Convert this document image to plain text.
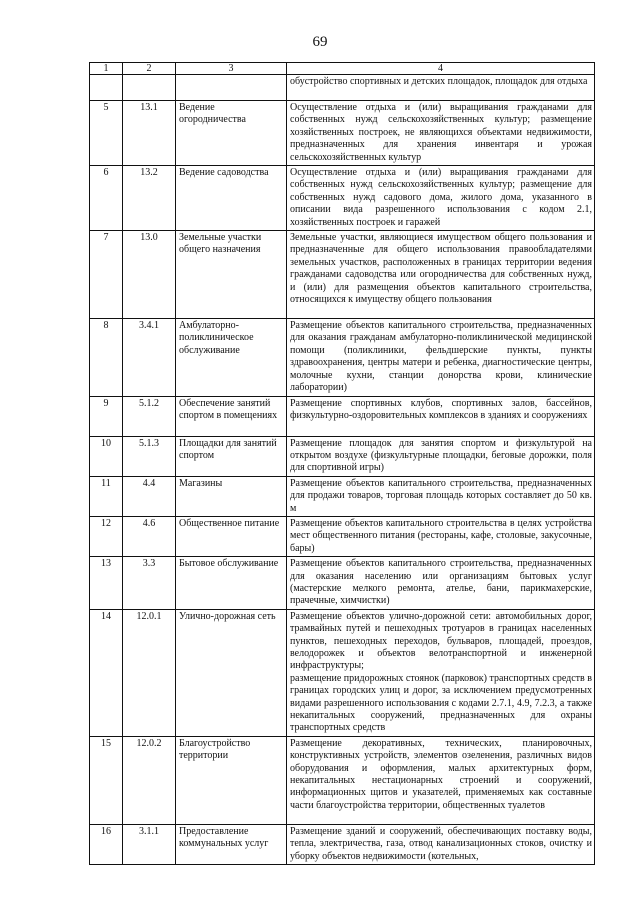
69
1	2	3	4
			обустройство спортивных и детских площадок, площадок для отдыха
5	13.1	Ведение огородничества	Осуществление отдыха и (или) выращивания гражданами для собственных нужд сельскохозяйственных культур; размещение хозяйственных построек, не являющихся объектами недвижимости, предназначенных для хранения инвентаря и урожая сельскохозяйственных культур
6	13.2	Ведение садоводства	Осуществление отдыха и (или) выращивания гражданами для собственных нужд сельскохозяйственных культур; размещение для собственных нужд садового дома, жилого дома, указанного в описании вида разрешенного использования с кодом 2.1, хозяйственных построек и гаражей
7	13.0	Земельные участки общего назначения	Земельные участки, являющиеся имуществом общего пользования и предназначенные для общего использования правообладателями земельных участков, расположенных в границах территории ведения гражданами садоводства или огородничества для собственных нужд, и (или) для размещения объектов капитального строительства, относящихся к имуществу общего пользования
8	3.4.1	Амбулаторно-поликлиническое обслуживание	Размещение объектов капитального строительства, предназначенных для оказания гражданам амбулаторно-поликлинической медицинской помощи (поликлиники, фельдшерские пункты, пункты здравоохранения, центры матери и ребенка, диагностические центры, молочные кухни, станции донорства крови, клинические лаборатории)
9	5.1.2	Обеспечение занятий спортом в помещениях	Размещение спортивных клубов, спортивных залов, бассейнов, физкультурно-оздоровительных комплексов в зданиях и сооружениях
10	5.1.3	Площадки для занятий спортом	Размещение площадок для занятия спортом и физкультурой на открытом воздухе (физкультурные площадки, беговые дорожки, поля для спортивной игры)
11	4.4	Магазины	Размещение объектов капитального строительства, предназначенных для продажи товаров, торговая площадь которых составляет до 50 кв. м
12	4.6	Общественное питание	Размещение объектов капитального строительства в целях устройства мест общественного питания (рестораны, кафе, столовые, закусочные, бары)
13	3.3	Бытовое обслуживание	Размещение объектов капитального строительства, предназначенных для оказания населению или организациям бытовых услуг (мастерские мелкого ремонта, ателье, бани, парикмахерские, прачечные, химчистки)
14	12.0.1	Улично-дорожная сеть	Размещение объектов улично-дорожной сети: автомобильных дорог, трамвайных путей и пешеходных тротуаров в границах населенных пунктов, пешеходных переходов, бульваров, площадей, проездов, велодорожек и объектов велотранспортной и инженерной инфраструктуры;
размещение придорожных стоянок (парковок) транспортных средств в границах городских улиц и дорог, за исключением предусмотренных видами разрешенного использования с кодами 2.7.1, 4.9, 7.2.3, а также некапитальных сооружений, предназначенных для охраны транспортных средств

15	12.0.2	Благоустройство территории	Размещение декоративных, технических, планировочных, конструктивных устройств, элементов озеленения, различных видов оборудования и оформления, малых архитектурных форм, некапитальных нестационарных строений и сооружений, информационных щитов и указателей, применяемых как составные части благоустройства территории, общественных туалетов
16	3.1.1	Предоставление коммунальных услуг	Размещение зданий и сооружений, обеспечивающих поставку воды, тепла, электричества, газа, отвод канализационных стоков, очистку и уборку объектов недвижимости (котельных,
